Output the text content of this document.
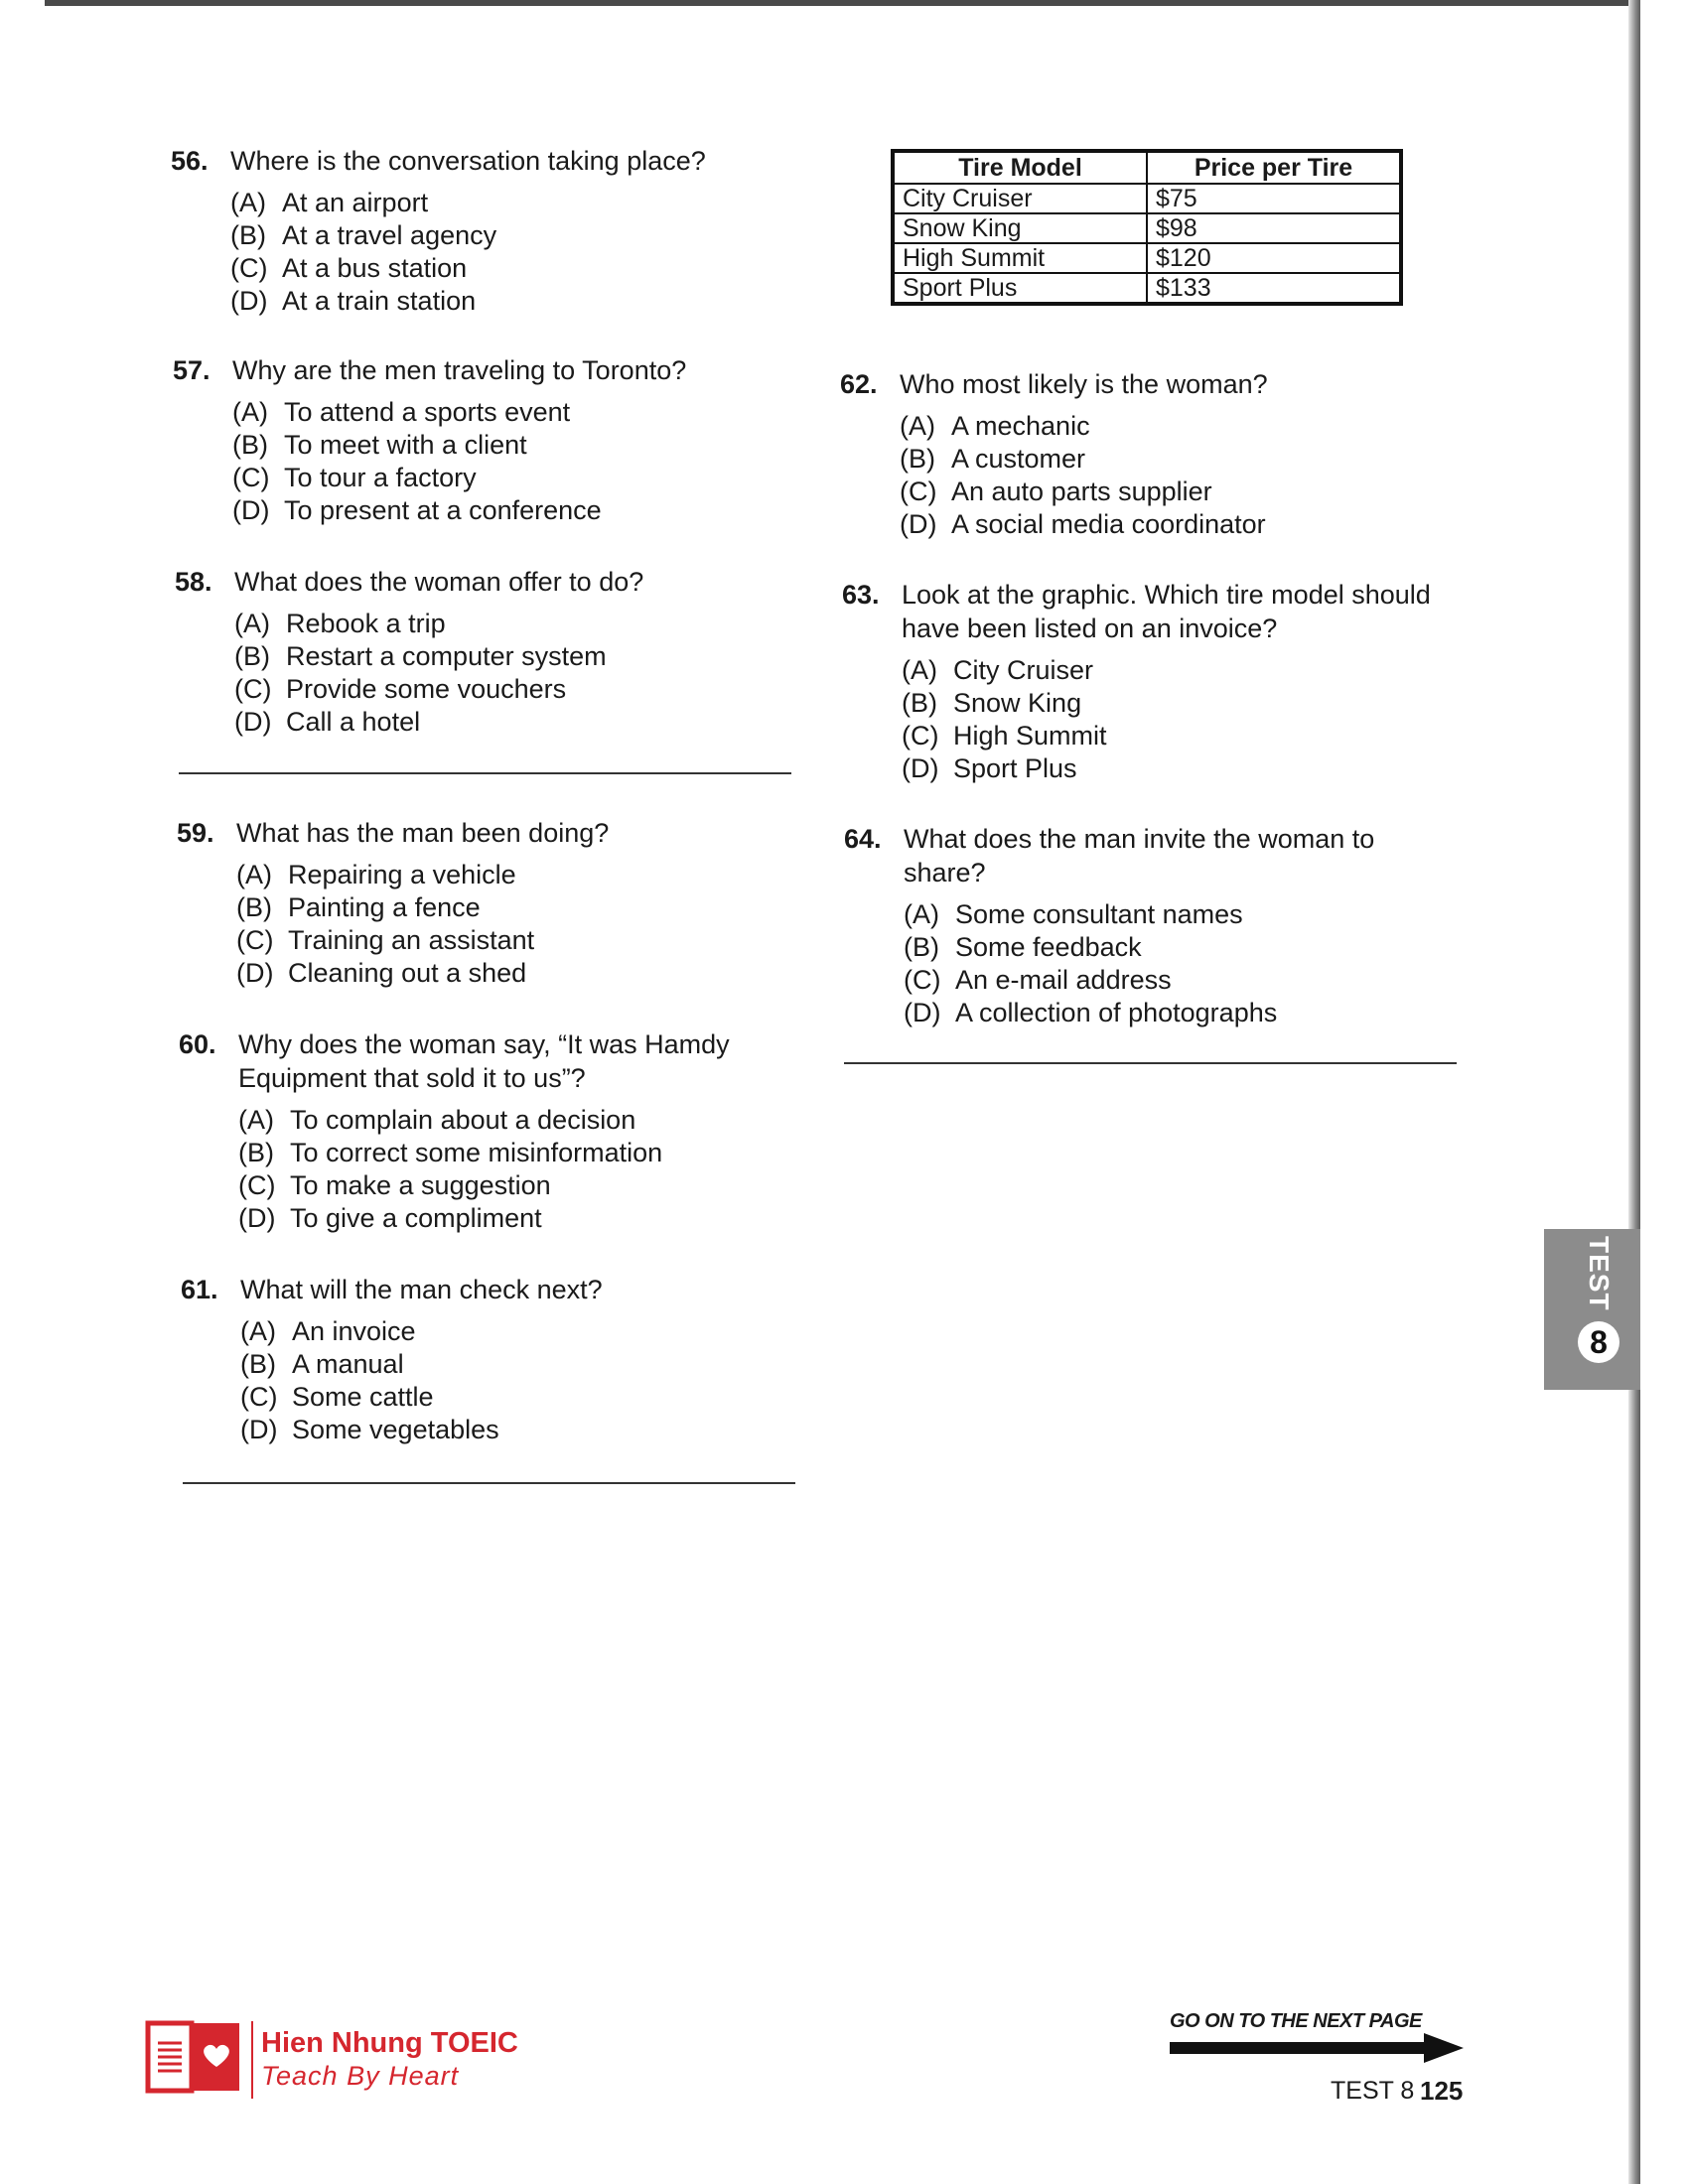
56. Where is the conversation taking place?
(A) At an airport
(B) At a travel agency
(C) At a bus station
(D) At a train station
57. Why are the men traveling to Toronto?
(A) To attend a sports event
(B) To meet with a client
(C) To tour a factory
(D) To present at a conference
58. What does the woman offer to do?
(A) Rebook a trip
(B) Restart a computer system
(C) Provide some vouchers
(D) Call a hotel
59. What has the man been doing?
(A) Repairing a vehicle
(B) Painting a fence
(C) Training an assistant
(D) Cleaning out a shed
60. Why does the woman say, “It was Hamdy Equipment that sold it to us”?
(A) To complain about a decision
(B) To correct some misinformation
(C) To make a suggestion
(D) To give a compliment
61. What will the man check next?
(A) An invoice
(B) A manual
(C) Some cattle
(D) Some vegetables
Tire Model	Price per Tire
City Cruiser	$75
Snow King	$98
High Summit	$120
Sport Plus	$133
62. Who most likely is the woman?
(A) A mechanic
(B) A customer
(C) An auto parts supplier
(D) A social media coordinator
63. Look at the graphic. Which tire model should have been listed on an invoice?
(A) City Cruiser
(B) Snow King
(C) High Summit
(D) Sport Plus
64. What does the man invite the woman to share?
(A) Some consultant names
(B) Some feedback
(C) An e-mail address
(D) A collection of photographs
TEST
8
Hien Nhung TOEIC
Teach By Heart
GO ON TO THE NEXT PAGE
TEST 8 125
